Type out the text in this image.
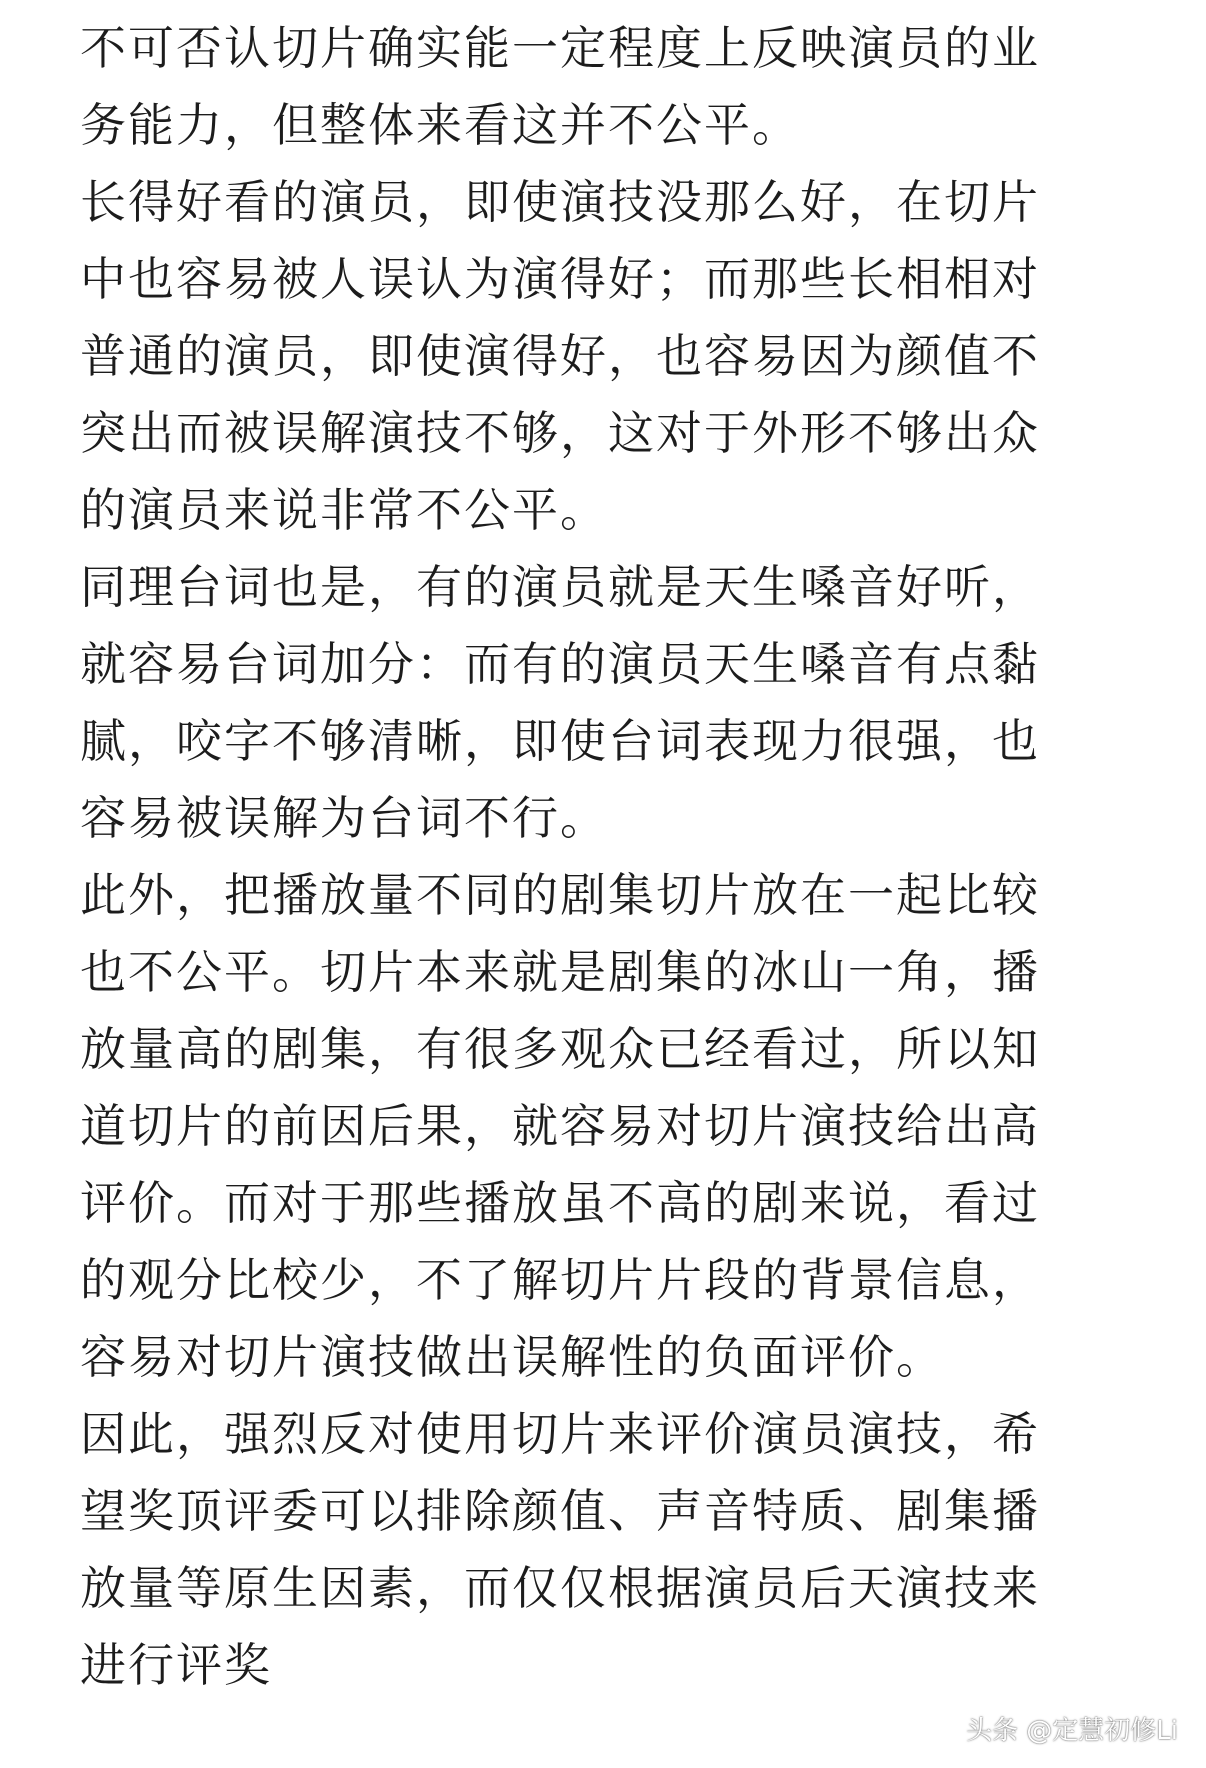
不可否认切片确实能一定程度上反映演员的业
务能力，但整体来看这并不公平。

长得好看的演员，即使演技没那么好，在切片
中也容易被人误认为演得好；而那些长相相对
普通的演员，即使演得好，也容易因为颜值不
突出而被误解演技不够，这对于外形不够出众
的演员来说非常不公平。

同理台词也是，有的演员就是天生嗓音好听，
就容易台词加分：而有的演员天生嗓音有点黏
腻，咬字不够清晰，即使台词表现力很强，也
容易被误解为台词不行。

此外，把播放量不同的剧集切片放在一起比较
也不公平。切片本来就是剧集的冰山一角，播
放量高的剧集，有很多观众已经看过，所以知
道切片的前因后果，就容易对切片演技给出高
评价。而对于那些播放虽不高的剧来说，看过
的观分比校少，不了解切片片段的背景信息，
容易对切片演技做出误解性的负面评价。

因此，强烈反对使用切片来评价演员演技，希
望奖顶评委可以排除颜值、声音特质、剧集播
放量等原生因素，而仅仅根据演员后天演技来
进行评奖

头条 @定慧初修Li
